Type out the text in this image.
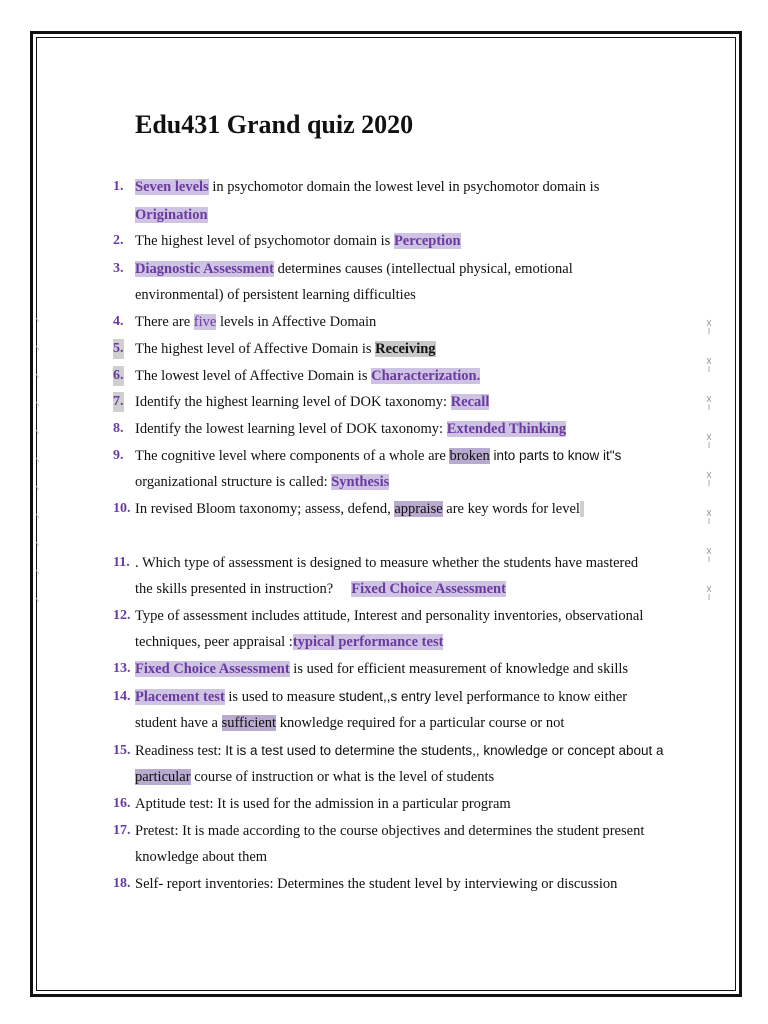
Edu431 Grand quiz 2020
1. Seven levels in psychomotor domain the lowest level in psychomotor domain is
Origination
2. The highest level of psychomotor domain is Perception
3. Diagnostic Assessment determines causes (intellectual physical, emotional
environmental) of persistent learning difficulties
4. There are five levels in Affective Domain
5. The highest level of Affective Domain is Receiving
6. The lowest level of Affective Domain is Characterization.
7. Identify the highest learning level of DOK taxonomy: Recall
8. Identify the lowest learning level of DOK taxonomy: Extended Thinking
9. The cognitive level where components of a whole are broken into parts to know it"s
organizational structure is called: Synthesis
10. In revised Bloom taxonomy; assess, defend, appraise are key words for level
11. . Which type of assessment is designed to measure whether the students have mastered
the skills presented in instruction?     Fixed Choice Assessment
12. Type of assessment includes attitude, Interest and personality inventories, observational
techniques, peer appraisal :typical performance test
13. Fixed Choice Assessment is used for efficient measurement of knowledge and skills
14. Placement test is used to measure student,,s entry level performance to know either
student have a sufficient knowledge required for a particular course or not
15. Readiness test: It is a test used to determine the students,, knowledge or concept about a
particular course of instruction or what is the level of students
16. Aptitude test: It is used for the admission in a particular program
17. Pretest: It is made according to the course objectives and determines the student present
knowledge about them
18. Self- report inventories: Determines the student level by interviewing or discussion
